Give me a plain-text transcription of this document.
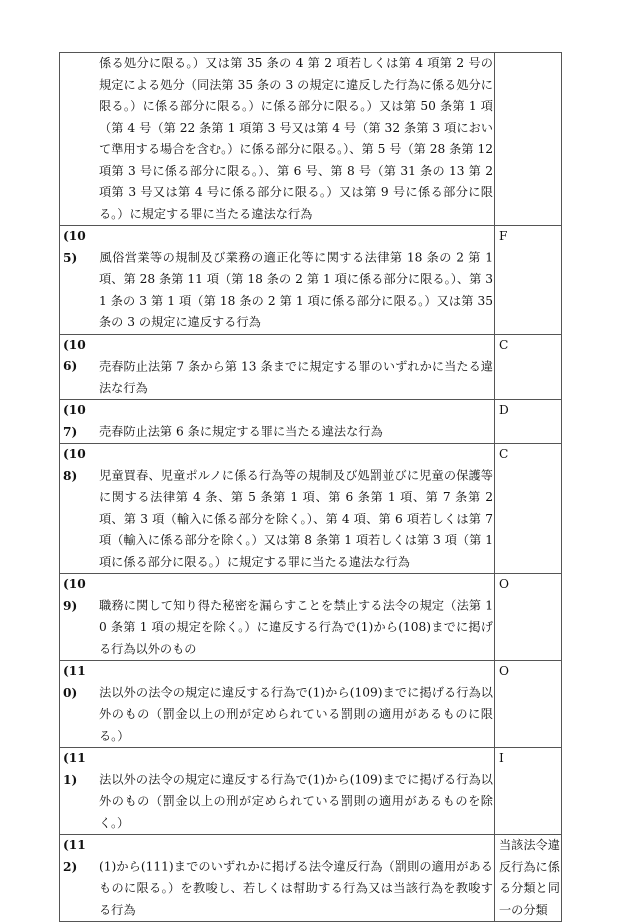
係る処分に限る。）又は第 35 条の 4 第 2 項若しくは第 4 項第 2 号の規定による処分（同法第 35 条の 3 の規定に違反した行為に係る処分に限る。）に係る部分に限る。）に係る部分に限る。）又は第 50 条第 1 項（第 4 号（第 22 条第 1 項第 3 号又は第 4 号（第 32 条第 3 項において準用する場合を含む。）に係る部分に限る。）、第 5 号（第 28 条第 12 項第 3 号に係る部分に限る。）、第 6 号、第 8 号（第 31 条の 13 第 2 項第 3 号又は第 4 号に係る部分に限る。）又は第 9 号に係る部分に限る。）に規定する罪に当たる違法な行為	

(105) 風俗営業等の規制及び業務の適正化等に関する法律第 18 条の 2 第 1 項、第 28 条第 11 項（第 18 条の 2 第 1 項に係る部分に限る。）、第 31 条の 3 第 1 項（第 18 条の 2 第 1 項に係る部分に限る。）又は第 35 条の 3 の規定に違反する行為	F

(106) 売春防止法第 7 条から第 13 条までに規定する罪のいずれかに当たる違法な行為	C

(107) 売春防止法第 6 条に規定する罪に当たる違法な行為	D

(108) 児童買春、児童ポルノに係る行為等の規制及び処罰並びに児童の保護等に関する法律第 4 条、第 5 条第 1 項、第 6 条第 1 項、第 7 条第 2 項、第 3 項（輸入に係る部分を除く。）、第 4 項、第 6 項若しくは第 7 項（輸入に係る部分を除く。）又は第 8 条第 1 項若しくは第 3 項（第 1 項に係る部分に限る。）に規定する罪に当たる違法な行為	C

(109) 職務に関して知り得た秘密を漏らすことを禁止する法令の規定（法第 10 条第 1 項の規定を除く。）に違反する行為で(1)から(108)までに掲げる行為以外のもの	O

(110) 法以外の法令の規定に違反する行為で(1)から(109)までに掲げる行為以外のもの（罰金以上の刑が定められている罰則の適用があるものに限る。）	O

(111) 法以外の法令の規定に違反する行為で(1)から(109)までに掲げる行為以外のもの（罰金以上の刑が定められている罰則の適用があるものを除く。）	I

(112) (1)から(111)までのいずれかに掲げる法令違反行為（罰則の適用があるものに限る。）を教唆し、若しくは幇助する行為又は当該行為を教唆する行為	当該法令違反行為に係る分類と同一の分類
